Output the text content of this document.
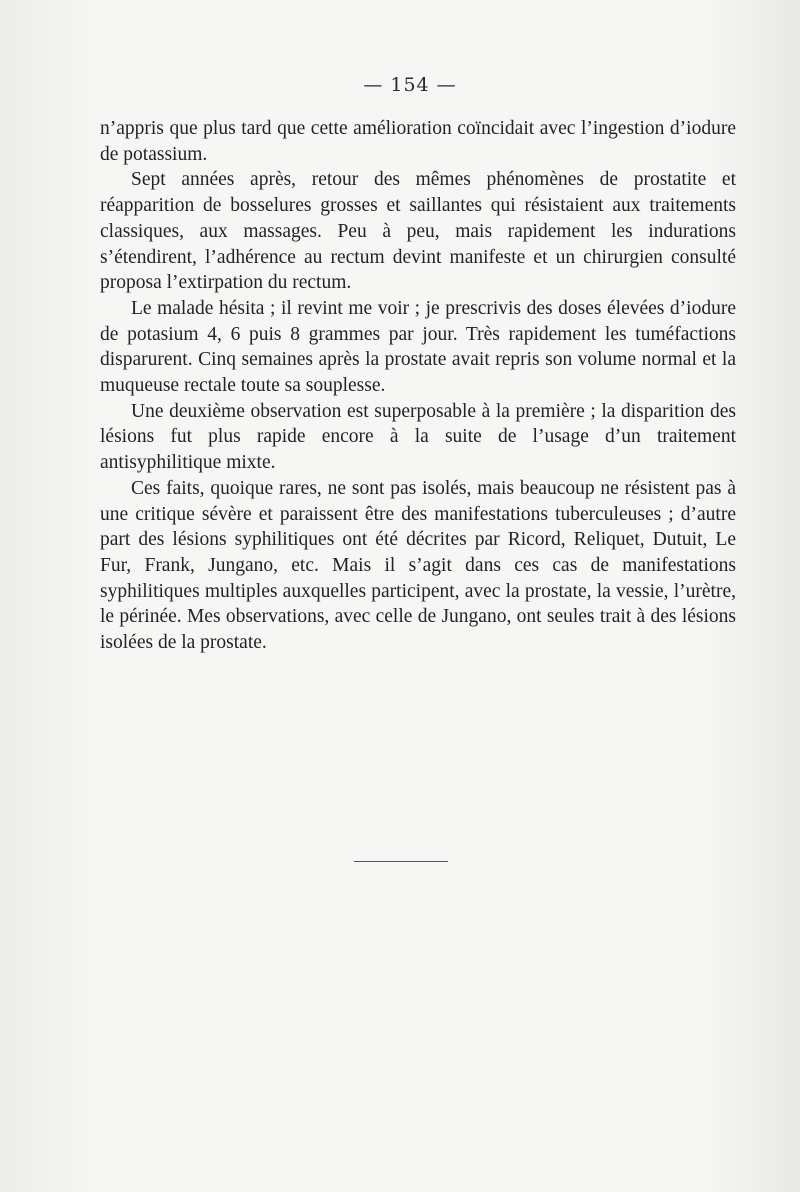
— 154 —

n’appris que plus tard que cette amélioration coïncidait avec l’ingestion d’iodure de potassium.

Sept années après, retour des mêmes phénomènes de prostatite et réapparition de bosselures grosses et saillantes qui résistaient aux traitements classiques, aux massages. Peu à peu, mais rapidement les indurations s’étendirent, l’adhérence au rectum devint manifeste et un chirurgien consulté proposa l’extirpation du rectum.

Le malade hésita ; il revint me voir ; je prescrivis des doses élevées d’iodure de potasium 4, 6 puis 8 grammes par jour. Très rapidement les tuméfactions disparurent. Cinq semaines après la prostate avait repris son volume normal et la muqueuse rectale toute sa souplesse.

Une deuxième observation est superposable à la première ; la disparition des lésions fut plus rapide encore à la suite de l’usage d’un traitement antisyphilitique mixte.

Ces faits, quoique rares, ne sont pas isolés, mais beaucoup ne résistent pas à une critique sévère et paraissent être des manifestations tuberculeuses ; d’autre part des lésions syphilitiques ont été décrites par Ricord, Reliquet, Dutuit, Le Fur, Frank, Jungano, etc. Mais il s’agit dans ces cas de manifestations syphilitiques multiples auxquelles participent, avec la prostate, la vessie, l’urètre, le périnée. Mes observations, avec celle de Jungano, ont seules trait à des lésions isolées de la prostate.
